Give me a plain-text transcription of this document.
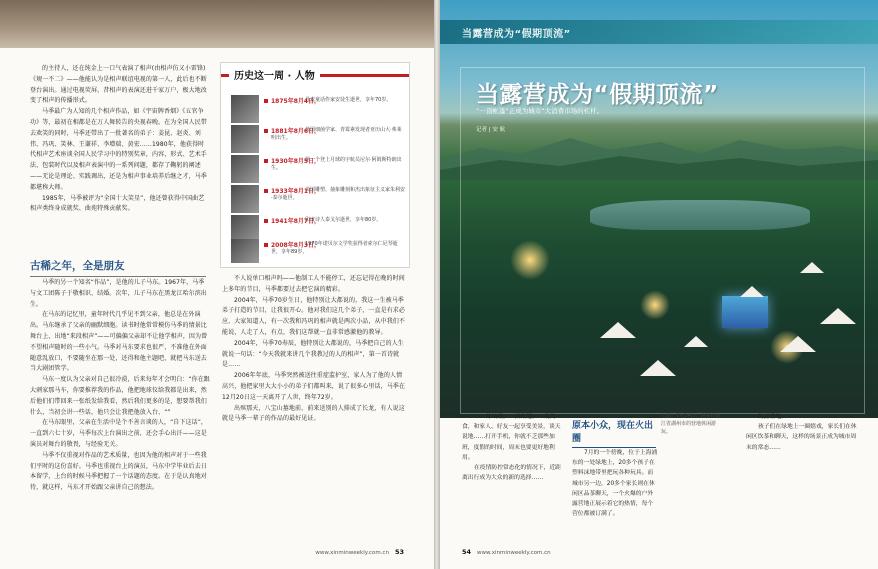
的主持人，还在纯金上一口气表演了相声(由相声仿又小雷锋)《规一不二》——他能认为是相声联谊电视的第一人，此后也不断登台演出。通过电视荧屏，昔相声的表演还进千家万户，极大地改变了相声的传播形式。

马季最广为人知的几个相声作品，如《宇宙牌香烟》《五官争功》等，最初在相都是在万人舞转告的央视春晚。在为全国人民带去欢笑的同时，马季还带出了一批著名的弟子：姜昆、赵炎、刘伟、冯巩、笑林、王谦祥、李增瑞、黄宏……1980年，他获得时代相声艺术座谈全国人民学习中的特别奖章，内容、形式、艺术手法，包装时代以及相声表演中的一系列问题，都存了鞠躬的阐述——无论是理论、实践调出，还是为相声事业培养后继之才，马季都堪称大师。

1985年，马季被评为“全国十大笑星”，他还曾获得中国曲艺相声类终身成就奖、曲苑特殊贡献奖。

历史这一周 · 人物
1875年8月4日，
丹麦童话作家安徒生逝世，享年70岁。
1881年8月6日，
英国细菌学家、青霉素发现者亚历山大·弗莱明出生。
1930年8月5日，
第一个登上月球的宇航员尼尔·阿姆斯特朗出生。
1933年8月1日，
美国雕塑、抽象雕刻和杰出象征主义家朱利安·泰尔逝世。
1941年8月7日，
印度诗人泰戈尔逝世，享年80岁。
2008年8月3日，
1970年诺贝尔文学奖获得者索尔仁尼琴逝世，享年89岁。
古稀之年，全是朋友

马季的另一个知名“作品”，是他的儿子马东。1967年，马季与文工团陈子于敬相识、结婚。次年，儿子马东在黑龙江哈尔滨出生。

在马东的记忆里，童年时代几乎见不到父亲，他总是在外演出。马东继承了父亲的幽默细胞。读书时他常常模仿马季的情景比舞台上，出地“来段相声”——可偏偏父亲却不让他学相声，因为曾不望相声随时的一些小气。马季对马东要求也很严，不准他在外面随意乱放口，不要随坐在那一处，还得和他主题吧，就把马东送去当大剧团管学。

马东一度认为父亲对自己很冷漠，后来每年才会明白：“你在跟大刺家那马车，你要推荐我的作品，他把地球仪给我都是出来，然后他们们带回来一张纸发给我看，然后我们更多的是，想要帮我们什么，当初会讲一些话，他只会让我把他放入台，“”

在马东眼里，父亲在生活中是个不善言谈的人，“自下这话”，一直到六七十岁，马季每次上台演出之前，还会手心出汗——这是演员对舞台的敬畏，与经验无关。

马季不仅重视对作品的艺术质量，也因为他的相声对于一些我们平时的这份喜好。马季也重视台上的演员，马东中学毕业后去日本留学，上台的时候马季把握了一个话题的态度。在于是认真地对待，就这样，马东才开始跟父亲讲自己的想法。

不人说单口相声吗——他制工人不能停工，还忘记得在晚的时间上多年的节目，马季都要过去把它演的精彩。

2004年，马季70岁生日，他特别让大都说的，我这一生被马季弟子打造的节目，让我很开心。他对我们这几个弟子，一直是有求必应，大家知道人，有一次我和冯巩的相声就是两次小品，从中我们不能说，人走了人，有点，我们这帮就一直非常感激他的教导。

2004年，马季70寿辰，他特别让大都说的，马季把自己的人生就说一句话：“今天我就来讲几个我教过的人的相声”，第一首诗就是……

2006年年底，马季突然被送往重症监护室，家人为了他的人情高兴，他把家里大大小小的弟子们都叫来，说了很多心里话，马季在12月20日这一天离开了人世，终年72岁。

出殡那天，八宝山墓地前，前来送别的人排成了长龙，有人说这就是马季一辈子的作品的最好见证。

www.xinminweekly.com.cn 53
当露营成为“假期顶流”
当露营成为“假期顶流”
“一顶帐篷”正成为城市“大消费市场的杠杆。
记者 | 安 航

……月结婚，一顶帐篷，一桌美食，和家人、好友一起享受美景，谈天说地……打开手机，你就不乏那些加班，度假的时间，周末也要更好地利用。

在疫情防控常态化的情况下，近距离出行成为大众的新的选择……

原本小众，现在火出圈

7月的一个傍晚，位于上海浦东的一处绿地上，20多个孩子在塑料沫地带里把玩各种玩具。而城市另一边，20多个家长则在休闲区品茶聊天，一个火爆的户外露营地正展示着它的热情，每个营位都被订满了。

上图：7月24日，游客在浙江省湖州市的营地休闲游玩。

的露营地。

孩子们在绿地上一圈嬉戏，家长们在休闲区饮茶和聊天，这样的场景正成为城市周末的常态……

54 www.xinminweekly.com.cn
